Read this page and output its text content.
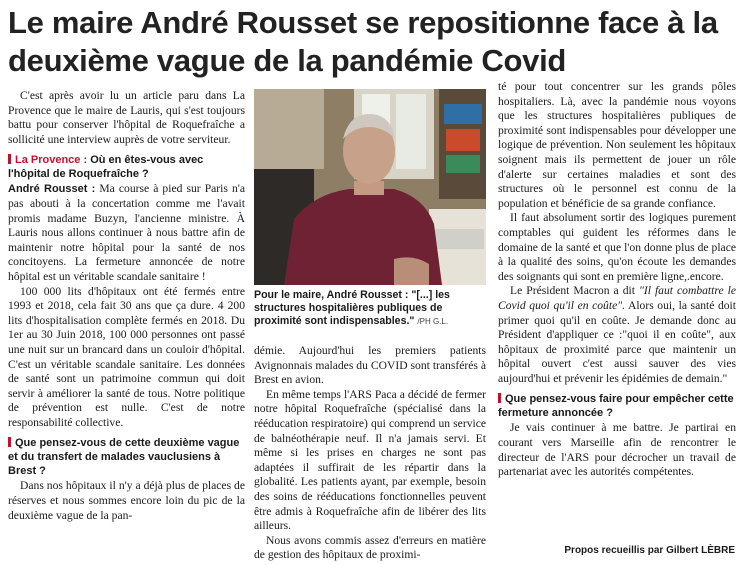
Le maire André Rousset se repositionne face à la deuxième vague de la pandémie Covid

C'est après avoir lu un article paru dans La Provence que le maire de Lauris, qui s'est toujours battu pour conserver l'hôpital de Roquefraîche a sollicité une interview auprès de votre serviteur.

La Provence : Où en êtes-vous avec l'hôpital de Roquefraîche ?

André Rousset : Ma course à pied sur Paris n'a pas abouti à la concertation comme me l'avait promis madame Buzyn, l'ancienne ministre. À Lauris nous allons continuer à nous battre afin de maintenir notre hôpital pour la santé de nos concitoyens. La fermeture annoncée de notre hôpital est un véritable scandale sanitaire !

100 000 lits d'hôpitaux ont été fermés entre 1993 et 2018, cela fait 30 ans que ça dure. 4 200 lits d'hospitalisation complète fermés en 2018. Du 1er au 30 Juin 2018, 100 000 personnes ont passé une nuit sur un brancard dans un couloir d'hôpital. C'est un véritable scandale sanitaire. Les données de santé sont un patrimoine commun qui doit servir à améliorer la santé de tous. Notre politique de prévention est nulle. C'est de notre responsabilité collective.

Que pensez-vous de cette deuxième vague et du transfert de malades vauclusiens à Brest ?

Dans nos hôpitaux il n'y a déjà plus de places de réserves et nous sommes encore loin du pic de la deuxième vague de la pan-

Pour le maire, André Rousset : "[...] les structures hospitalières publiques de proximité sont indispensables." /PH G.L.

démie. Aujourd'hui les premiers patients Avignonnais malades du COVID sont transférés à Brest en avion.

En même temps l'ARS Paca a décidé de fermer notre hôpital Roquefraîche (spécialisé dans la rééducation respiratoire) qui comprend un service de balnéothérapie neuf. Il n'a jamais servi. Et même si les prises en charges ne sont pas adaptées il suffirait de les répartir dans la globalité. Les patients ayant, par exemple, besoin des soins de rééducations fonctionnelles peuvent être admis à Roquefraîche afin de libérer des lits ailleurs.

Nous avons commis assez d'erreurs en matière de gestion des hôpitaux de proximi-

té pour tout concentrer sur les grands pôles hospitaliers. Là, avec la pandémie nous voyons que les structures hospitalières publiques de proximité sont indispensables pour développer une logique de prévention. Non seulement les hôpitaux soignent mais ils permettent de jouer un rôle d'alerte sur certaines maladies et sont des structures où le personnel est connu de la population et bénéficie de sa grande confiance.

Il faut absolument sortir des logiques purement comptables qui guident les réformes dans le domaine de la santé et que l'on donne plus de place à la qualité des soins, qu'on écoute les demandes des soignants qui sont en première ligne,.encore.

Le Président Macron a dit "Il faut combattre le Covid quoi qu'il en coûte". Alors oui, la santé doit primer quoi qu'il en coûte. Je demande donc au Président d'appliquer ce :"quoi il en coûte", aux hôpitaux de proximité parce que maintenir un hôpital ouvert c'est aussi sauver des vies aujourd'hui et prévenir les épidémies de demain."

Que pensez-vous faire pour empêcher cette fermeture annoncée ?

Je vais continuer à me battre. Je partirai en courant vers Marseille afin de rencontrer le directeur de l'ARS pour décrocher un travail de partenariat avec les autorités compétentes.

Propos recueillis par Gilbert LÈBRE
